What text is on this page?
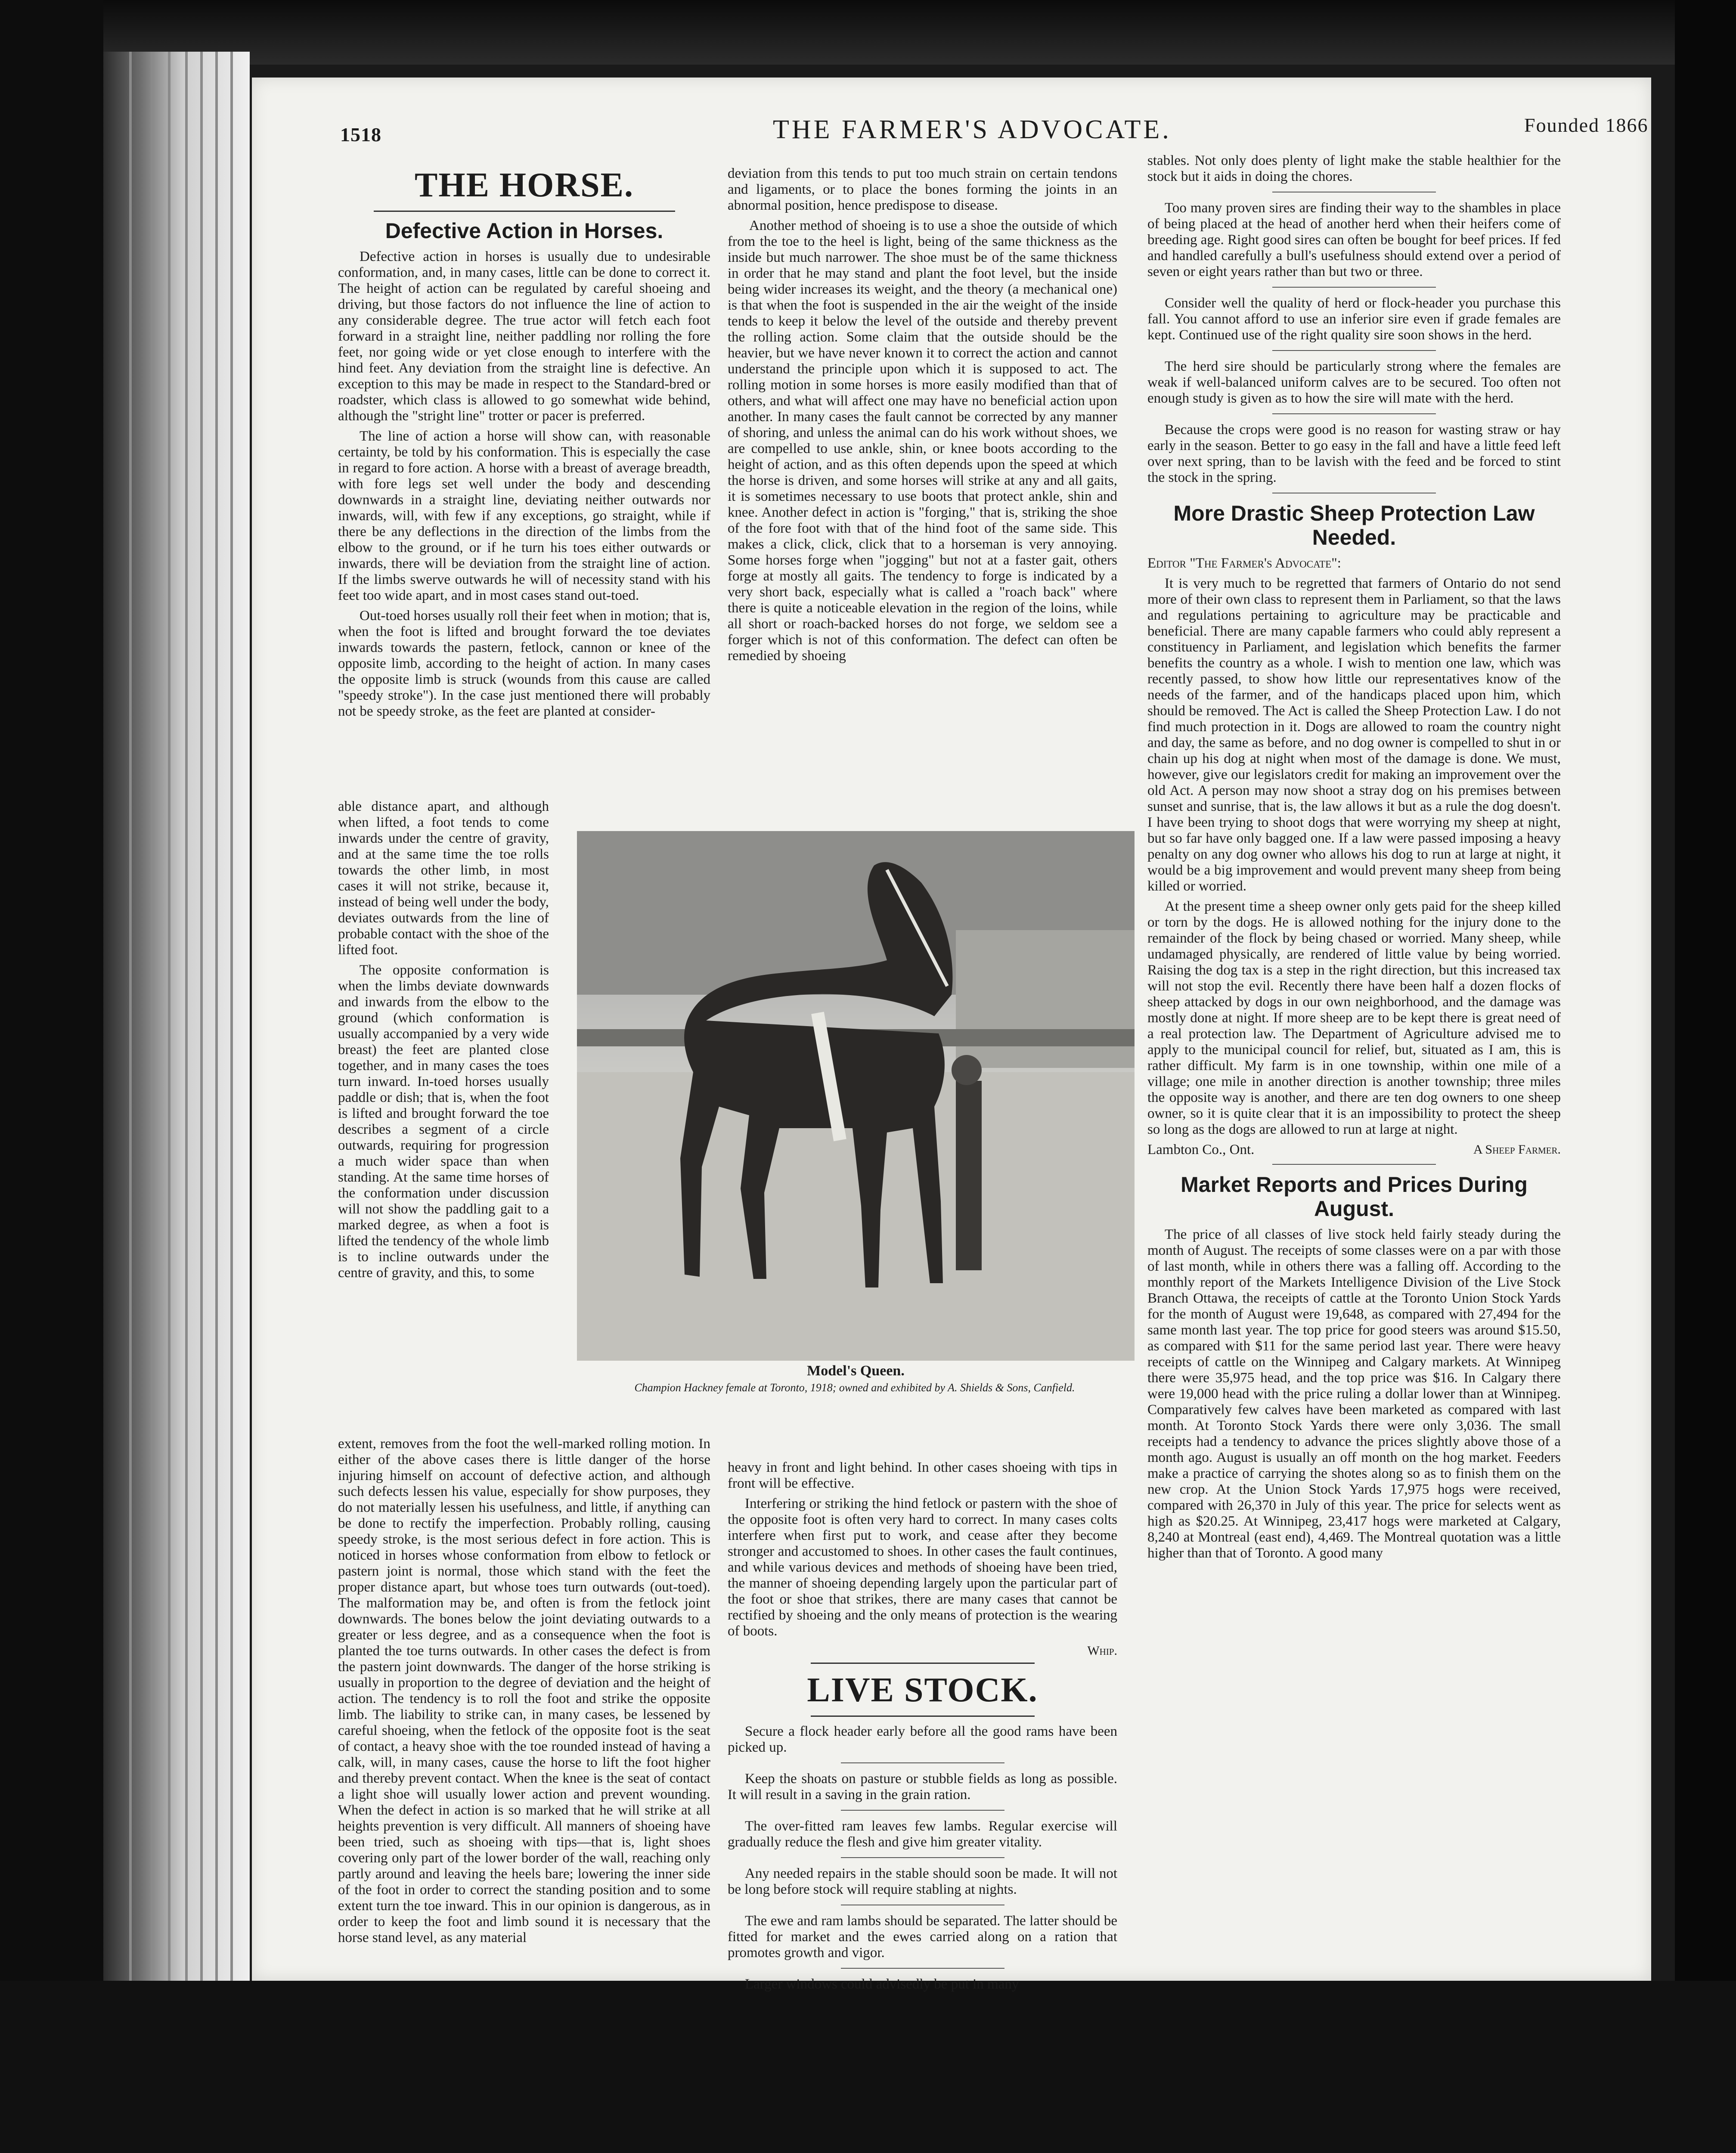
1518	THE FARMER'S ADVOCATE.	Founded 1866
THE HORSE.
Defective Action in Horses.

Defective action in horses is usually due to undesirable conformation, and, in many cases, little can be done to correct it. The height of action can be regulated by careful shoeing and driving, but those factors do not influence the line of action to any considerable degree. The true actor will fetch each foot forward in a straight line, neither paddling nor rolling the fore feet, nor going wide or yet close enough to interfere with the hind feet. Any deviation from the straight line is defective. An exception to this may be made in respect to the Standard-bred or roadster, which class is allowed to go somewhat wide behind, although the "stright line" trotter or pacer is preferred.

The line of action a horse will show can, with reasonable certainty, be told by his conformation. This is especially the case in regard to fore action. A horse with a breast of average breadth, with fore legs set well under the body and descending downwards in a straight line, deviating neither outwards nor inwards, will, with few if any exceptions, go straight, while if there be any deflections in the direction of the limbs from the elbow to the ground, or if he turn his toes either outwards or inwards, there will be deviation from the straight line of action. If the limbs swerve outwards he will of necessity stand with his feet too wide apart, and in most cases stand out-toed.

Out-toed horses usually roll their feet when in motion; that is, when the foot is lifted and brought forward the toe deviates inwards towards the pastern, fetlock, cannon or knee of the opposite limb, according to the height of action. In many cases the opposite limb is struck (wounds from this cause are called "speedy stroke"). In the case just mentioned there will probably not be speedy stroke, as the feet are planted at consider-

able distance apart, and although when lifted, a foot tends to come inwards under the centre of gravity, and at the same time the toe rolls towards the other limb, in most cases it will not strike, because it, instead of being well under the body, deviates outwards from the line of probable contact with the shoe of the lifted foot.

The opposite conformation is when the limbs deviate downwards and inwards from the elbow to the ground (which conformation is usually accompanied by a very wide breast) the feet are planted close together, and in many cases the toes turn inward. In-toed horses usually paddle or dish; that is, when the foot is lifted and brought forward the toe describes a segment of a circle outwards, requiring for progression a much wider space than when standing. At the same time horses of the conformation under discussion will not show the paddling gait to a marked degree, as when a foot is lifted the tendency of the whole limb is to incline outwards under the centre of gravity, and this, to some

extent, removes from the foot the well-marked rolling motion. In either of the above cases there is little danger of the horse injuring himself on account of defective action, and although such defects lessen his value, especially for show purposes, they do not materially lessen his usefulness, and little, if anything can be done to rectify the imperfection. Probably rolling, causing speedy stroke, is the most serious defect in fore action. This is noticed in horses whose conformation from elbow to fetlock or pastern joint is normal, those which stand with the feet the proper distance apart, but whose toes turn outwards (out-toed). The malformation may be, and often is from the fetlock joint downwards. The bones below the joint deviating outwards to a greater or less degree, and as a consequence when the foot is planted the toe turns outwards. In other cases the defect is from the pastern joint downwards. The danger of the horse striking is usually in proportion to the degree of deviation and the height of action. The tendency is to roll the foot and strike the opposite limb. The liability to strike can, in many cases, be lessened by careful shoeing, when the fetlock of the opposite foot is the seat of contact, a heavy shoe with the toe rounded instead of having a calk, will, in many cases, cause the horse to lift the foot higher and thereby prevent contact. When the knee is the seat of contact a light shoe will usually lower action and prevent wounding. When the defect in action is so marked that he will strike at all heights prevention is very difficult. All manners of shoeing have been tried, such as shoeing with tips—that is, light shoes covering only part of the lower border of the wall, reaching only partly around and leaving the heels bare; lowering the inner side of the foot in order to correct the standing position and to some extent turn the toe inward. This in our opinion is dangerous, as in order to keep the foot and limb sound it is necessary that the horse stand level, as any material

deviation from this tends to put too much strain on certain tendons and ligaments, or to place the bones forming the joints in an abnormal position, hence predispose to disease.

Another method of shoeing is to use a shoe the outside of which from the toe to the heel is light, being of the same thickness as the inside but much narrower. The shoe must be of the same thickness in order that he may stand and plant the foot level, but the inside being wider increases its weight, and the theory (a mechanical one) is that when the foot is suspended in the air the weight of the inside tends to keep it below the level of the outside and thereby prevent the rolling action. Some claim that the outside should be the heavier, but we have never known it to correct the action and cannot understand the principle upon which it is supposed to act. The rolling motion in some horses is more easily modified than that of others, and what will affect one may have no beneficial action upon another. In many cases the fault cannot be corrected by any manner of shoring, and unless the animal can do his work without shoes, we are compelled to use ankle, shin, or knee boots according to the height of action, and as this often depends upon the speed at which the horse is driven, and some horses will strike at any and all gaits, it is sometimes necessary to use boots that protect ankle, shin and knee. Another defect in action is "forging," that is, striking the shoe of the fore foot with that of the hind foot of the same side. This makes a click, click, click that to a horseman is very annoying. Some horses forge when "jogging" but not at a faster gait, others forge at mostly all gaits. The tendency to forge is indicated by a very short back, especially what is called a "roach back" where there is quite a noticeable elevation in the region of the loins, while all short or roach-backed horses do not forge, we seldom see a forger which is not of this conformation. The defect can often be remedied by shoeing

Model's Queen.
Champion Hackney female at Toronto, 1918; owned and exhibited by A. Shields & Sons, Canfield.

heavy in front and light behind. In other cases shoeing with tips in front will be effective.

Interfering or striking the hind fetlock or pastern with the shoe of the opposite foot is often very hard to correct. In many cases colts interfere when first put to work, and cease after they become stronger and accustomed to shoes. In other cases the fault continues, and while various devices and methods of shoeing have been tried, the manner of shoeing depending largely upon the particular part of the foot or shoe that strikes, there are many cases that cannot be rectified by shoeing and the only means of protection is the wearing of boots.

Whip.
LIVE STOCK.

Secure a flock header early before all the good rams have been picked up.

Keep the shoats on pasture or stubble fields as long as possible. It will result in a saving in the grain ration.

The over-fitted ram leaves few lambs. Regular exercise will gradually reduce the flesh and give him greater vitality.

Any needed repairs in the stable should soon be made. It will not be long before stock will require stabling at nights.

The ewe and ram lambs should be separated. The latter should be fitted for market and the ewes carried along on a ration that promotes growth and vigor.

Larger windows could advisedly be put in many

stables. Not only does plenty of light make the stable healthier for the stock but it aids in doing the chores.

Too many proven sires are finding their way to the shambles in place of being placed at the head of another herd when their heifers come of breeding age. Right good sires can often be bought for beef prices. If fed and handled carefully a bull's usefulness should extend over a period of seven or eight years rather than but two or three.

Consider well the quality of herd or flock-header you purchase this fall. You cannot afford to use an inferior sire even if grade females are kept. Continued use of the right quality sire soon shows in the herd.

The herd sire should be particularly strong where the females are weak if well-balanced uniform calves are to be secured. Too often not enough study is given as to how the sire will mate with the herd.

Because the crops were good is no reason for wasting straw or hay early in the season. Better to go easy in the fall and have a little feed left over next spring, than to be lavish with the feed and be forced to stint the stock in the spring.

More Drastic Sheep Protection Law Needed.

Editor "The Farmer's Advocate":

It is very much to be regretted that farmers of Ontario do not send more of their own class to represent them in Parliament, so that the laws and regulations pertaining to agriculture may be practicable and beneficial. There are many capable farmers who could ably represent a constituency in Parliament, and legislation which benefits the farmer benefits the country as a whole. I wish to mention one law, which was recently passed, to show how little our representatives know of the needs of the farmer, and of the handicaps placed upon him, which should be removed. The Act is called the Sheep Protection Law. I do not find much protection in it. Dogs are allowed to roam the country night and day, the same as before, and no dog owner is compelled to shut in or chain up his dog at night when most of the damage is done. We must, however, give our legislators credit for making an improvement over the old Act. A person may now shoot a stray dog on his premises between sunset and sunrise, that is, the law allows it but as a rule the dog doesn't. I have been trying to shoot dogs that were worrying my sheep at night, but so far have only bagged one. If a law were passed imposing a heavy penalty on any dog owner who allows his dog to run at large at night, it would be a big improvement and would prevent many sheep from being killed or worried.

At the present time a sheep owner only gets paid for the sheep killed or torn by the dogs. He is allowed nothing for the injury done to the remainder of the flock by being chased or worried. Many sheep, while undamaged physically, are rendered of little value by being worried. Raising the dog tax is a step in the right direction, but this increased tax will not stop the evil. Recently there have been half a dozen flocks of sheep attacked by dogs in our own neighborhood, and the damage was mostly done at night. If more sheep are to be kept there is great need of a real protection law. The Department of Agriculture advised me to apply to the municipal council for relief, but, situated as I am, this is rather difficult. My farm is in one township, within one mile of a village; one mile in another direction is another township; three miles the opposite way is another, and there are ten dog owners to one sheep owner, so it is quite clear that it is an impossibility to protect the sheep so long as the dogs are allowed to run at large at night.

Lambton Co., Ont.	A Sheep Farmer.
Market Reports and Prices During August.

The price of all classes of live stock held fairly steady during the month of August. The receipts of some classes were on a par with those of last month, while in others there was a falling off. According to the monthly report of the Markets Intelligence Division of the Live Stock Branch Ottawa, the receipts of cattle at the Toronto Union Stock Yards for the month of August were 19,648, as compared with 27,494 for the same month last year. The top price for good steers was around $15.50, as compared with $11 for the same period last year. There were heavy receipts of cattle on the Winnipeg and Calgary markets. At Winnipeg there were 35,975 head, and the top price was $16. In Calgary there were 19,000 head with the price ruling a dollar lower than at Winnipeg. Comparatively few calves have been marketed as compared with last month. At Toronto Stock Yards there were only 3,036. The small receipts had a tendency to advance the prices slightly above those of a month ago. August is usually an off month on the hog market. Feeders make a practice of carrying the shotes along so as to finish them on the new crop. At the Union Stock Yards 17,975 hogs were received, compared with 26,370 in July of this year. The price for selects went as high as $20.25. At Winnipeg, 23,417 hogs were marketed at Calgary, 8,240 at Montreal (east end), 4,469. The Montreal quotation was a little higher than that of Toronto. A good many
